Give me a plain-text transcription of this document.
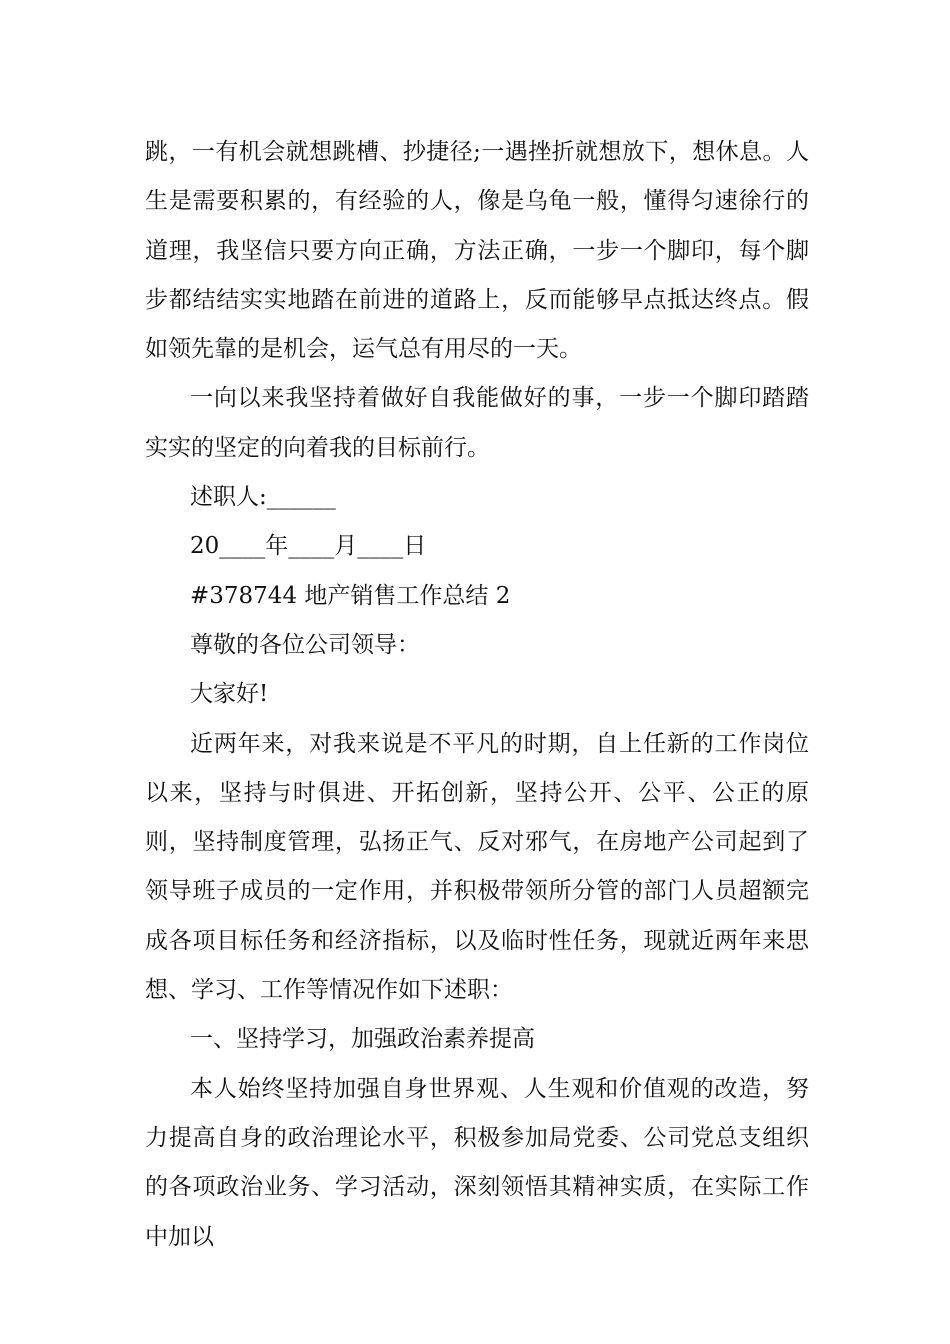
跳，一有机会就想跳槽、抄捷径;一遇挫折就想放下，想休息。人生是需要积累的，有经验的人，像是乌龟一般，懂得匀速徐行的道理，我坚信只要方向正确，方法正确，一步一个脚印，每个脚步都结结实实地踏在前进的道路上，反而能够早点抵达终点。假如领先靠的是机会，运气总有用尽的一天。

一向以来我坚持着做好自我能做好的事，一步一个脚印踏踏实实的坚定的向着我的目标前行。

述职人:______

20____年____月____日

#378744 地产销售工作总结 2

尊敬的各位公司领导：

大家好!

近两年来，对我来说是不平凡的时期，自上任新的工作岗位以来，坚持与时俱进、开拓创新，坚持公开、公平、公正的原则，坚持制度管理，弘扬正气、反对邪气，在房地产公司起到了领导班子成员的一定作用，并积极带领所分管的部门人员超额完成各项目标任务和经济指标，以及临时性任务，现就近两年来思想、学习、工作等情况作如下述职：

一、坚持学习，加强政治素养提高

本人始终坚持加强自身世界观、人生观和价值观的改造，努力提高自身的政治理论水平，积极参加局党委、公司党总支组织的各项政治业务、学习活动，深刻领悟其精神实质，在实际工作中加以
